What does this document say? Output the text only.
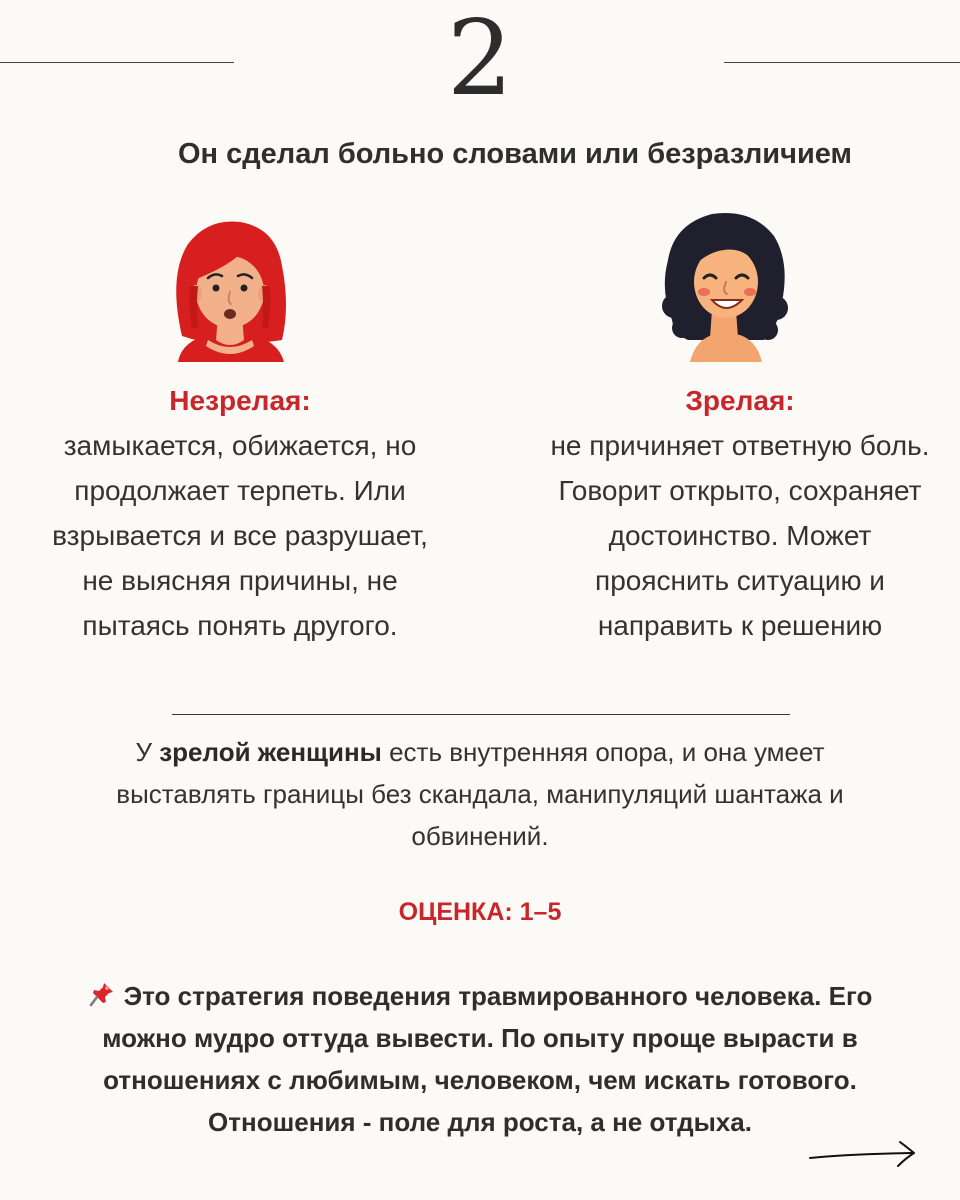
2
Он сделал больно словами или безразличием
Незрелая:
замыкается, обижается, но продолжает терпеть. Или взрывается и все разрушает, не выясняя причины, не пытаясь понять другого.
Зрелая:
не причиняет ответную боль. Говорит открыто, сохраняет достоинство. Может прояснить ситуацию и направить к решению
У зрелой женщины есть внутренняя опора, и она умеет выставлять границы без скандала, манипуляций шантажа и обвинений.
ОЦЕНКА: 1–5
Это стратегия поведения травмированного человека. Его можно мудро оттуда вывести. По опыту проще вырасти в отношениях с любимым, человеком, чем искать готового. Отношения - поле для роста, а не отдыха.
